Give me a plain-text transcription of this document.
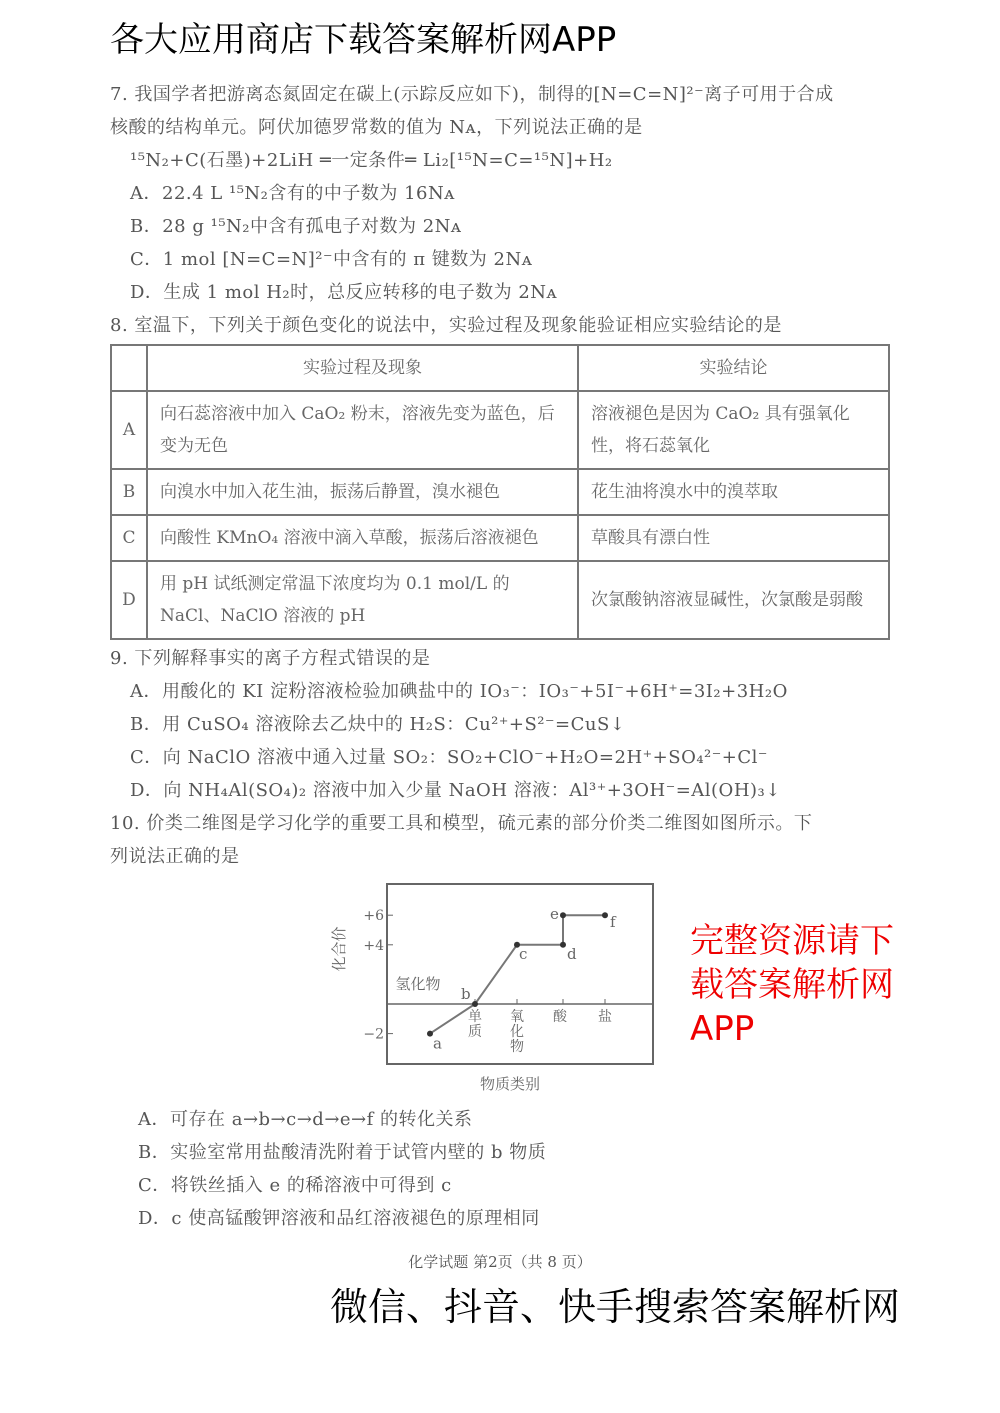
各大应用商店下载答案解析网APP
7. 我国学者把游离态氮固定在碳上(示踪反应如下)，制得的[N=C=N]²⁻离子可用于合成
核酸的结构单元。阿伏加德罗常数的值为 Nᴀ，下列说法正确的是
¹⁵N₂+C(石墨)+2LiH ═一定条件═ Li₂[¹⁵N=C=¹⁵N]+H₂
A．22.4 L ¹⁵N₂含有的中子数为 16Nᴀ
B．28 g ¹⁵N₂中含有孤电子对数为 2Nᴀ
C．1 mol [N=C=N]²⁻中含有的 π 键数为 2Nᴀ
D．生成 1 mol H₂时，总反应转移的电子数为 2Nᴀ
8. 室温下，下列关于颜色变化的说法中，实验过程及现象能验证相应实验结论的是
	实验过程及现象	实验结论
A	向石蕊溶液中加入 CaO₂ 粉末，溶液先变为蓝色，后变为无色	溶液褪色是因为 CaO₂ 具有强氧化性，将石蕊氧化
B	向溴水中加入花生油，振荡后静置，溴水褪色	花生油将溴水中的溴萃取
C	向酸性 KMnO₄ 溶液中滴入草酸，振荡后溶液褪色	草酸具有漂白性
D	用 pH 试纸测定常温下浓度均为 0.1 mol/L 的 NaCl、NaClO 溶液的 pH	次氯酸钠溶液显碱性，次氯酸是弱酸
9. 下列解释事实的离子方程式错误的是
A．用酸化的 KI 淀粉溶液检验加碘盐中的 IO₃⁻：IO₃⁻+5I⁻+6H⁺=3I₂+3H₂O
B．用 CuSO₄ 溶液除去乙炔中的 H₂S：Cu²⁺+S²⁻=CuS↓
C．向 NaClO 溶液中通入过量 SO₂：SO₂+ClO⁻+H₂O=2H⁺+SO₄²⁻+Cl⁻
D．向 NH₄Al(SO₄)₂ 溶液中加入少量 NaOH 溶液：Al³⁺+3OH⁻=Al(OH)₃↓
10. 价类二维图是学习化学的重要工具和模型，硫元素的部分价类二维图如图所示。下
列说法正确的是
化合价
物质类别
+6
+4
−2
氢化物
单
质
氧
化
物
酸 盐
a
b
c	d
e	f 完整资源请下载答案解析网APP
A．可存在 a→b→c→d→e→f 的转化关系
B．实验室常用盐酸清洗附着于试管内壁的 b 物质
C．将铁丝插入 e 的稀溶液中可得到 c
D．c 使高锰酸钾溶液和品红溶液褪色的原理相同
化学试题 第2页（共 8 页）
微信、抖音、快手搜索答案解析网
